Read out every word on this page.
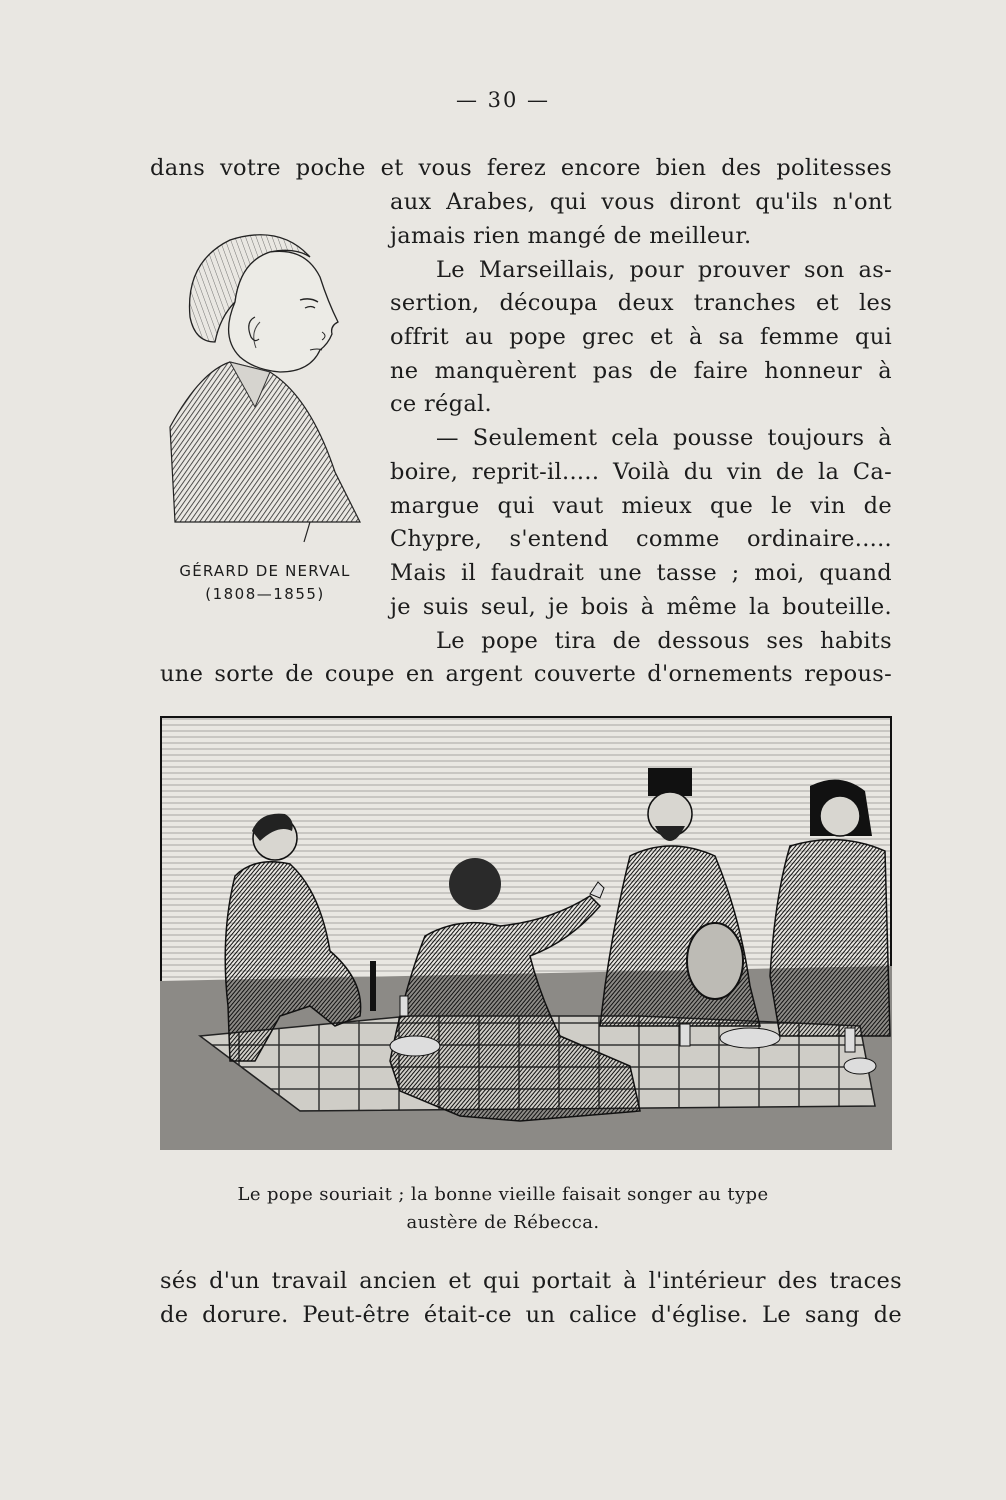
— 30 —
dans votre poche et vous ferez encore bien des politesses
aux Arabes, qui vous diront qu'ils n'ont
jamais rien mangé de meilleur.
Le Marseillais, pour prouver son as-
sertion, découpa deux tranches et les
offrit au pope grec et à sa femme qui
ne manquèrent pas de faire honneur à
ce régal.
— Seulement cela pousse toujours à
boire, reprit-il..... Voilà du vin de la Ca-
margue qui vaut mieux que le vin de
Chypre, s'entend comme ordinaire.....
Mais il faudrait une tasse ; moi, quand
je suis seul, je bois à même la bouteille.
GÉRARD DE NERVAL
(1808—1855)
Le pope tira de dessous ses habits
une sorte de coupe en argent couverte d'ornements repous-
Le pope souriait ; la bonne vieille faisait songer au type
austère de Rébecca.
sés d'un travail ancien et qui portait à l'intérieur des traces
de dorure. Peut-être était-ce un calice d'église. Le sang de
